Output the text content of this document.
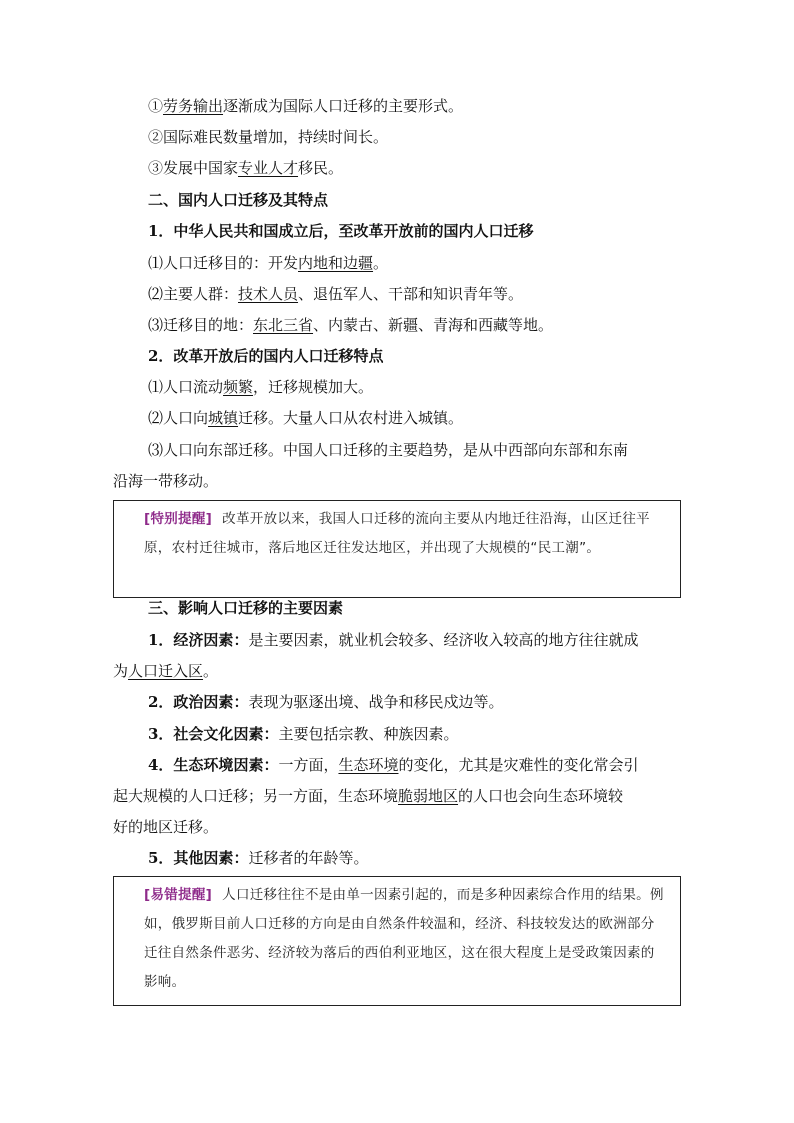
①劳务输出逐渐成为国际人口迁移的主要形式。
②国际难民数量增加，持续时间长。
③发展中国家专业人才移民。
二、国内人口迁移及其特点
1．中华人民共和国成立后，至改革开放前的国内人口迁移
⑴人口迁移目的：开发内地和边疆。
⑵主要人群：技术人员、退伍军人、干部和知识青年等。
⑶迁移目的地：东北三省、内蒙古、新疆、青海和西藏等地。
2．改革开放后的国内人口迁移特点
⑴人口流动频繁，迁移规模加大。
⑵人口向城镇迁移。大量人口从农村进入城镇。
⑶人口向东部迁移。中国人口迁移的主要趋势，是从中西部向东部和东南
沿海一带移动。
[特别提醒] 改革开放以来，我国人口迁移的流向主要从内地迁往沿海，山区迁往平原，农村迁往城市，落后地区迁往发达地区，并出现了大规模的“民工潮”。
三、影响人口迁移的主要因素
1．经济因素：是主要因素，就业机会较多、经济收入较高的地方往往就成
为人口迁入区。
2．政治因素：表现为驱逐出境、战争和移民戍边等。
3．社会文化因素：主要包括宗教、种族因素。
4．生态环境因素：一方面，生态环境的变化，尤其是灾难性的变化常会引
起大规模的人口迁移；另一方面，生态环境脆弱地区的人口也会向生态环境较
好的地区迁移。
5．其他因素：迁移者的年龄等。
[易错提醒] 人口迁移往往不是由单一因素引起的，而是多种因素综合作用的结果。例如，俄罗斯目前人口迁移的方向是由自然条件较温和，经济、科技较发达的欧洲部分迁往自然条件恶劣、经济较为落后的西伯利亚地区，这在很大程度上是受政策因素的影响。
